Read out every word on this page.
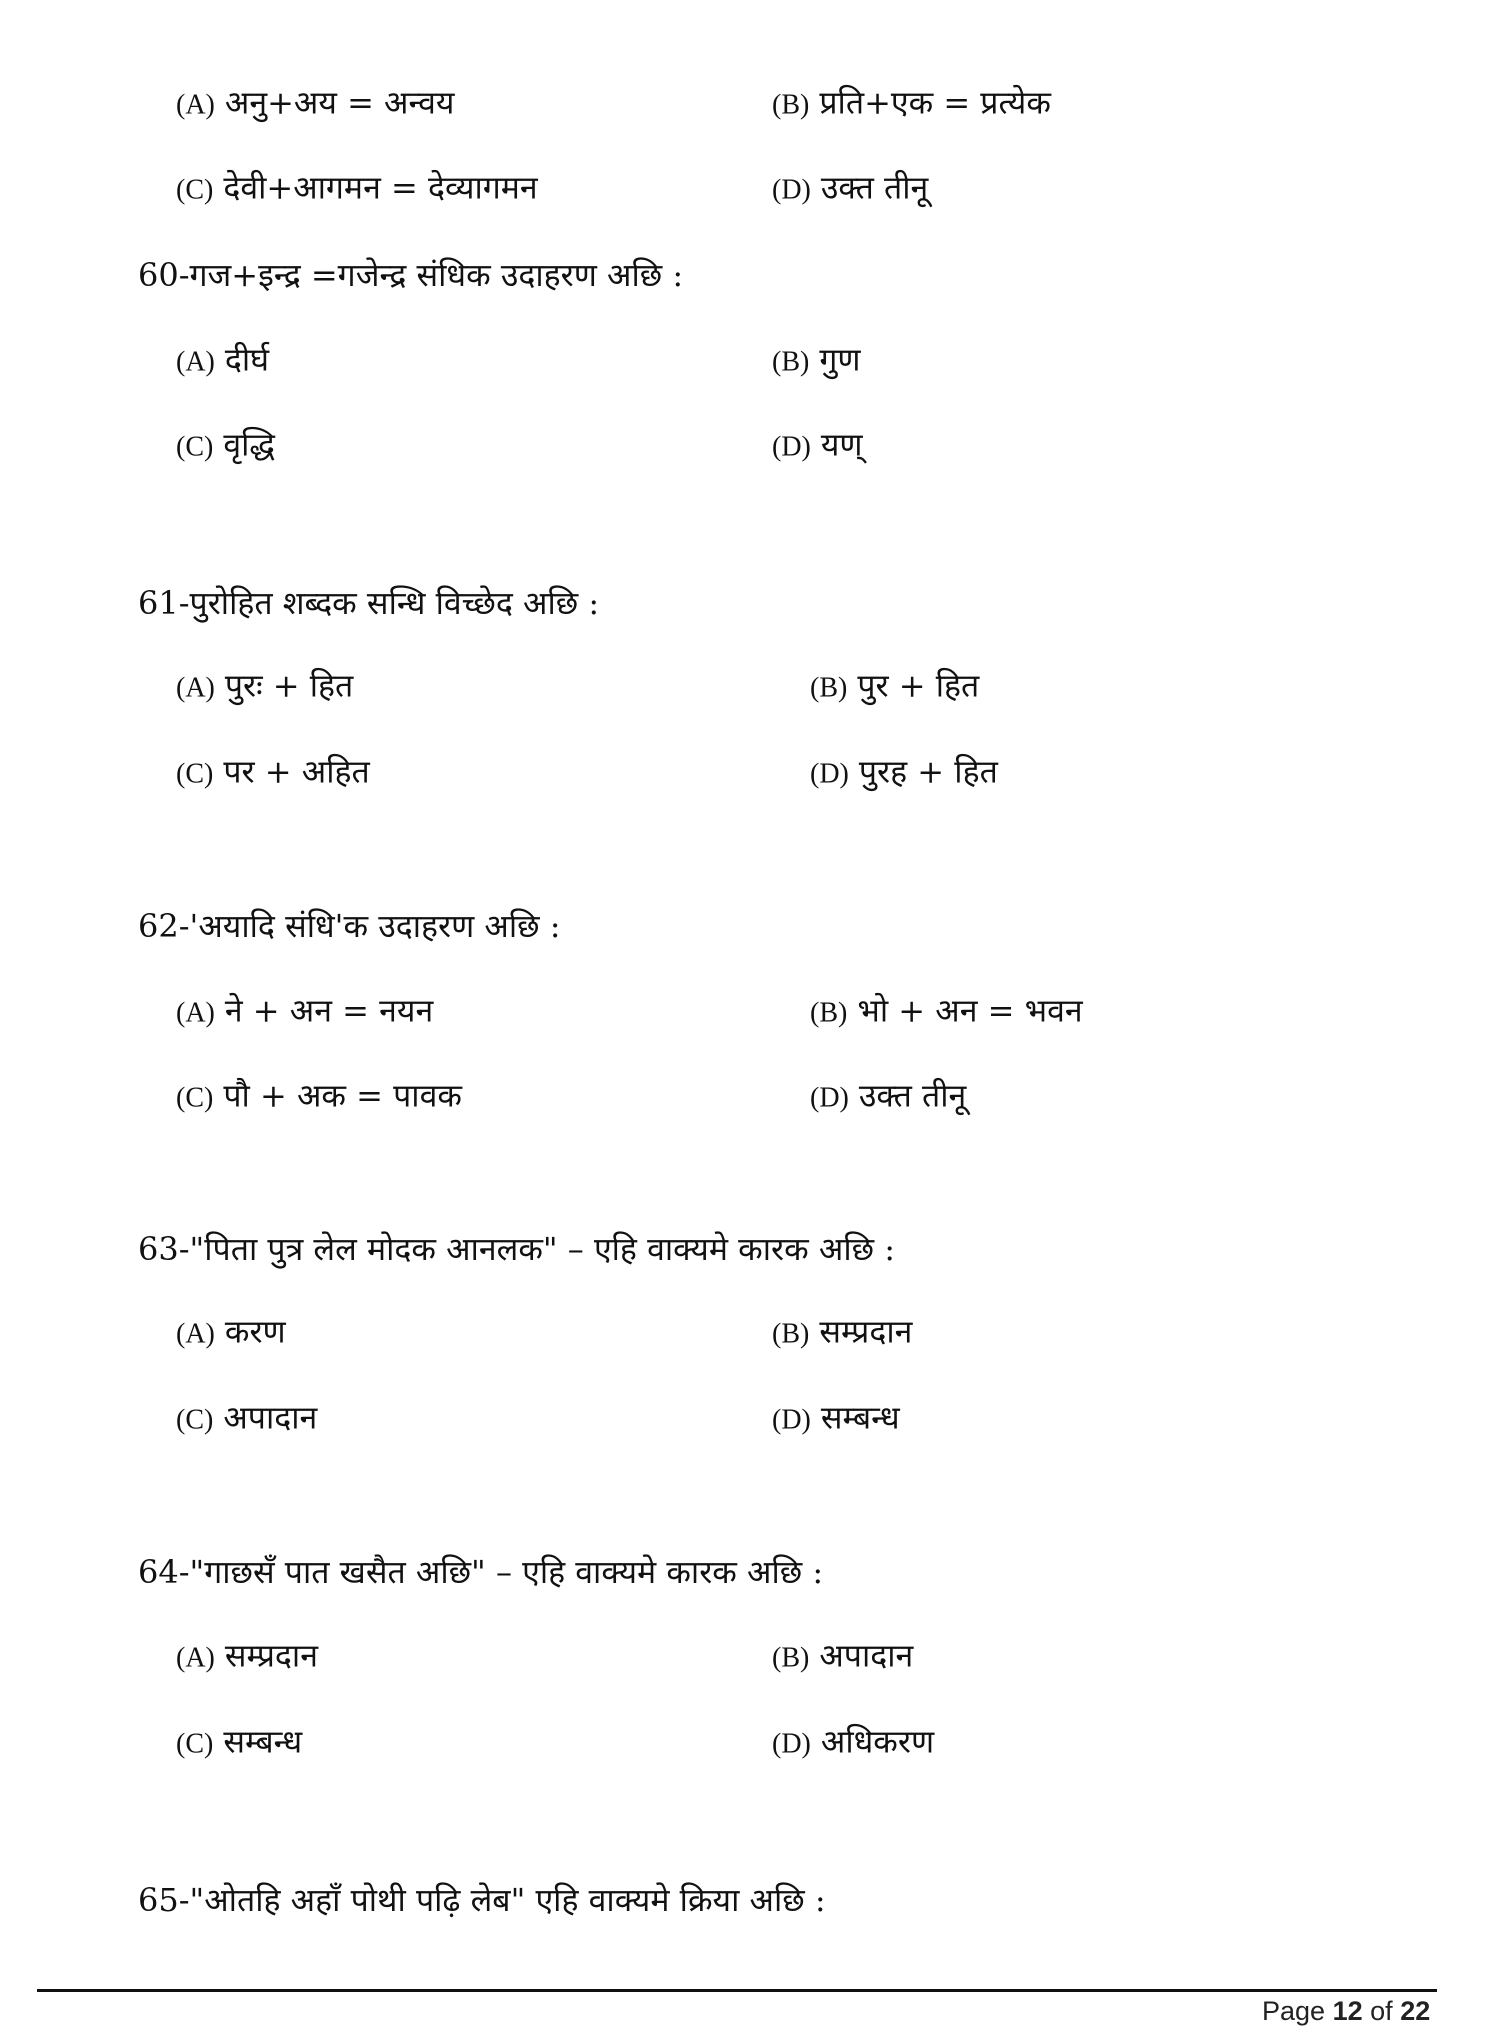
(A) अनु+अय = अन्वय	(B) प्रति+एक = प्रत्येक
(C) देवी+आगमन = देव्यागमन	(D) उक्त तीनू
60-गज+इन्द्र =गजेन्द्र संधिक उदाहरण अछि :
(A) दीर्घ	(B) गुण
(C) वृद्धि	(D) यण्
61-पुरोहित शब्दक सन्धि विच्छेद अछि :
(A) पुरः + हित	(B) पुर + हित
(C) पर + अहित	(D) पुरह + हित
62-'अयादि संधि'क उदाहरण अछि :
(A) ने + अन = नयन	(B) भो + अन = भवन
(C) पौ + अक = पावक	(D) उक्त तीनू
63-"पिता पुत्र लेल मोदक आनलक" – एहि वाक्यमे कारक अछि :
(A) करण	(B) सम्प्रदान
(C) अपादान	(D) सम्बन्ध
64-"गाछसँ पात खसैत अछि" – एहि वाक्यमे कारक अछि :
(A) सम्प्रदान	(B) अपादान
(C) सम्बन्ध	(D) अधिकरण
65-"ओतहि अहाँ पोथी पढ़ि लेब" एहि वाक्यमे क्रिया अछि :
Page 12 of 22
